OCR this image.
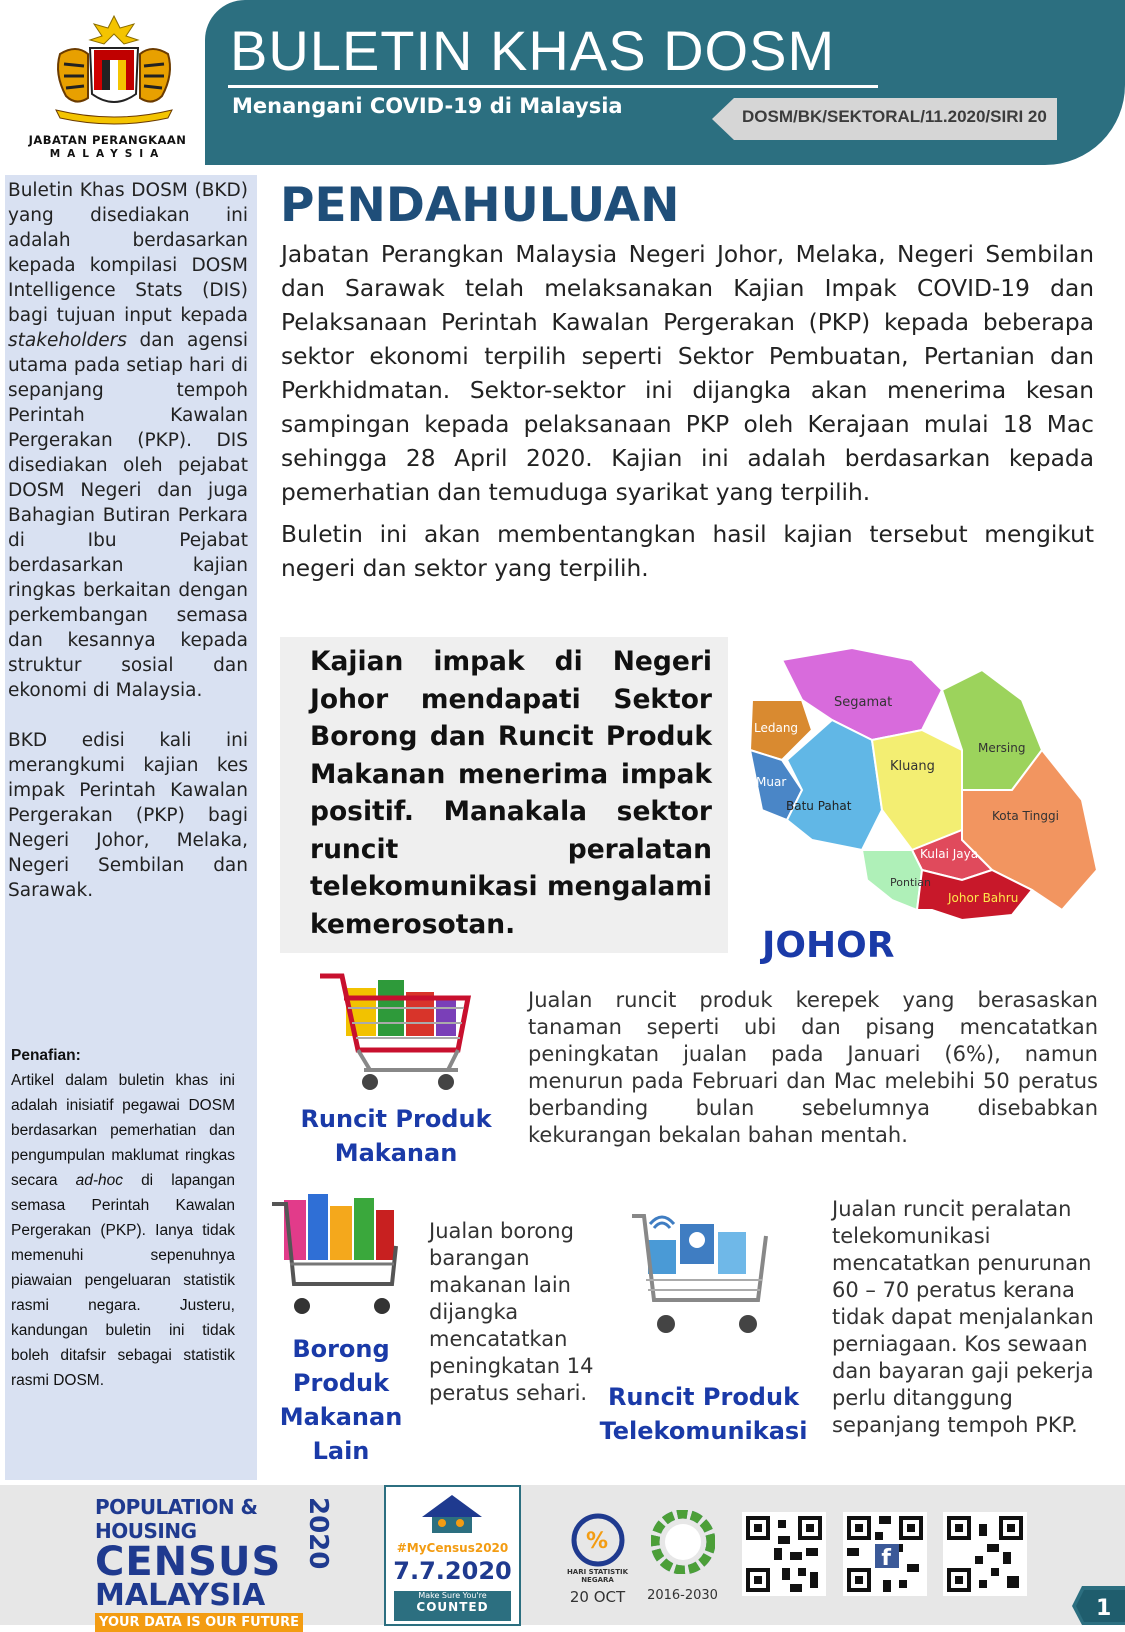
JABATAN PERANGKAAN
MALAYSIA
BULETIN KHAS DOSM
Menangani COVID-19 di Malaysia	DOSM/BK/SEKTORAL/11.2020/SIRI 20

Buletin Khas DOSM (BKD) yang disediakan ini adalah berdasarkan kepada kompilasi DOSM Intelligence Stats (DIS) bagi tujuan input kepada stakeholders dan agensi utama pada setiap hari di sepanjang tempoh Perintah Kawalan Pergerakan (PKP). DIS disediakan oleh pejabat DOSM Negeri dan juga Bahagian Butiran Perkara di Ibu Pejabat berdasarkan kajian ringkas berkaitan dengan perkembangan semasa dan kesannya kepada struktur sosial dan ekonomi di Malaysia.

BKD edisi kali ini merangkumi kajian kes impak Perintah Kawalan Pergerakan (PKP) bagi Negeri Johor, Melaka, Negeri Sembilan dan Sarawak.

Penafian:
Artikel dalam buletin khas ini adalah inisiatif pegawai DOSM berdasarkan pemerhatian dan pengumpulan maklumat ringkas secara ad-hoc di lapangan semasa Perintah Kawalan Pergerakan (PKP). Ianya tidak memenuhi sepenuhnya piawaian pengeluaran statistik rasmi negara. Justeru, kandungan buletin ini tidak boleh ditafsir sebagai statistik rasmi DOSM.
PENDAHULUAN

Jabatan Perangkan Malaysia Negeri Johor, Melaka, Negeri Sembilan dan Sarawak telah melaksanakan Kajian Impak COVID-19 dan Pelaksanaan Perintah Kawalan Pergerakan (PKP) kepada beberapa sektor ekonomi terpilih seperti Sektor Pembuatan, Pertanian dan Perkhidmatan. Sektor-sektor ini dijangka akan menerima kesan sampingan kepada pelaksanaan PKP oleh Kerajaan mulai 18 Mac sehingga 28 April 2020. Kajian ini adalah berdasarkan kepada pemerhatian dan temuduga syarikat yang terpilih.

Buletin ini akan membentangkan hasil kajian tersebut mengikut negeri dan sektor yang terpilih.

Kajian impak di Negeri Johor mendapati Sektor Borong dan Runcit Produk Makanan menerima impak positif. Manakala sektor runcit peralatan telekomunikasi mengalami kemerosotan.
Segamat
Ledang
Muar
Batu Pahat
Kluang
Mersing
Kota Tinggi
Kulai Jaya
Pontian
Johor Bahru
JOHOR
Runcit Produk
Makanan
Jualan runcit produk kerepek yang berasaskan tanaman seperti ubi dan pisang mencatatkan peningkatan jualan pada Januari (6%), namun menurun pada Februari dan Mac melebihi 50 peratus berbanding bulan sebelumnya disebabkan kekurangan bekalan bahan mentah.
Borong
Produk
Makanan
Lain
Jualan borong barangan makanan lain dijangka mencatatkan peningkatan 14 peratus sehari. Runcit Produk
Telekomunikasi
Jualan runcit peralatan telekomunikasi mencatatkan penurunan 60 – 70 peratus kerana tidak dapat menjalankan perniagaan. Kos sewaan dan bayaran gaji pekerja perlu ditanggung sepanjang tempoh PKP.
POPULATION & HOUSING
CENSUS
MALAYSIA
2020
YOUR DATA IS OUR FUTURE
#MyCensus2020
7.7.2020
Make Sure You're
COUNTED
%
HARI STATISTIK NEGARA
20 OCT	2016-2030
f
1
